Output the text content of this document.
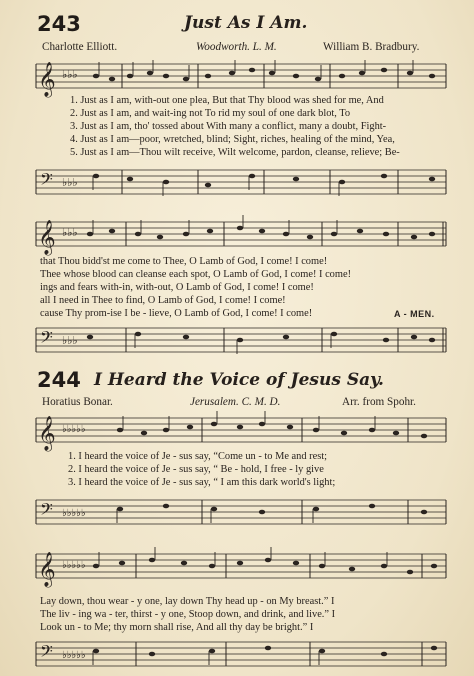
243	Just As I Am.
Charlotte Elliott.	Woodworth. L. M.	William B. Bradbury.
𝄞 ♭♭♭
1. Just as I am, with-out one plea, But that Thy blood was shed for me, And
2. Just as I am, and wait-ing not To rid my soul of one dark blot, To
3. Just as I am, tho' tossed about With many a conflict, many a doubt, Fight-
4. Just as I am—poor, wretched, blind; Sight, riches, healing of the mind, Yea,
5. Just as I am—Thou wilt receive, Wilt welcome, pardon, cleanse, relieve; Be-
𝄢 ♭♭♭
𝄞 ♭♭♭
that Thou bidd'st me come to Thee, O Lamb of God, I come! I come!
Thee whose blood can cleanse each spot, O Lamb of God, I come! I come!
ings and fears with-in, with-out, O Lamb of God, I come! I come!
all I need in Thee to find, O Lamb of God, I come! I come!
cause Thy prom-ise I be - lieve, O Lamb of God, I come! I come!	A - MEN.
𝄢 ♭♭♭
244 I Heard the Voice of Jesus Say.
Horatius Bonar.	Jerusalem. C. M. D.	Arr. from Spohr.
𝄞 ♭♭♭♭♭
1. I heard the voice of Je - sus say, “Come un - to Me and rest;
2. I heard the voice of Je - sus say, “ Be - hold, I free - ly give
3. I heard the voice of Je - sus say, “ I am this dark world's light;
𝄢 ♭♭♭♭♭
𝄞 ♭♭♭♭♭
Lay down, thou wear - y one, lay down Thy head up - on My breast.” I
The liv - ing wa - ter, thirst - y one, Stoop down, and drink, and live.” I
Look un - to Me; thy morn shall rise, And all thy day be bright.” I
𝄢 ♭♭♭♭♭
